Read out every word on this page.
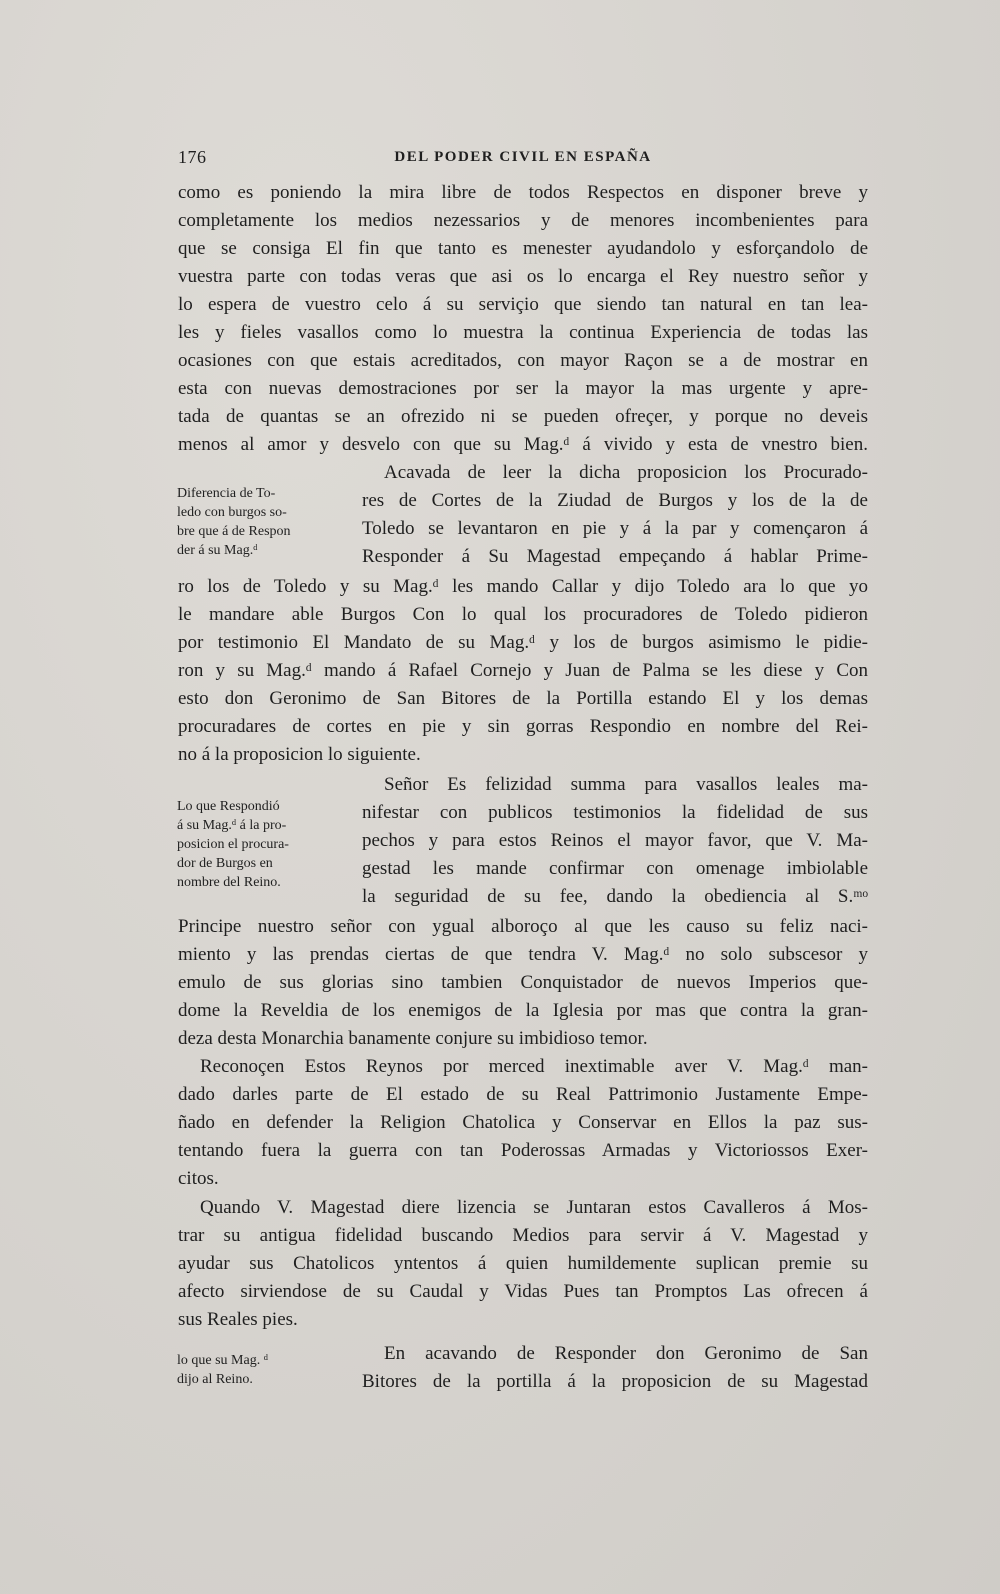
176	DEL PODER CIVIL EN ESPAÑA
como es poniendo la mira libre de todos Respectos en disponer breve y
completamente los medios nezessarios y de menores incombenientes para
que se consiga El fin que tanto es menester ayudandolo y esforçandolo de
vuestra parte con todas veras que asi os lo encarga el Rey nuestro señor y
lo espera de vuestro celo á su serviçio que siendo tan natural en tan lea-
les y fieles vasallos como lo muestra la continua Experiencia de todas las
ocasiones con que estais acreditados, con mayor Raçon se a de mostrar en
esta con nuevas demostraciones por ser la mayor la mas urgente y apre-
tada de quantas se an ofrezido ni se pueden ofreçer, y porque no deveis
menos al amor y desvelo con que su Mag.ᵈ á vivido y esta de vnestro bien.
Diferencia de To-
ledo con burgos so-
bre que á de Respon
der á su Mag.ᵈ
Acavada de leer la dicha proposicion los Procurado-
res de Cortes de la Ziudad de Burgos y los de la de
Toledo se levantaron en pie y á la par y començaron á
Responder á Su Magestad empeçando á hablar Prime-
ro los de Toledo y su Mag.ᵈ les mando Callar y dijo Toledo ara lo que yo
le mandare able Burgos Con lo qual los procuradores de Toledo pidieron
por testimonio El Mandato de su Mag.ᵈ y los de burgos asimismo le pidie-
ron y su Mag.ᵈ mando á Rafael Cornejo y Juan de Palma se les diese y Con
esto don Geronimo de San Bitores de la Portilla estando El y los demas
procuradares de cortes en pie y sin gorras Respondio en nombre del Rei-
no á la proposicion lo siguiente.
Lo que Respondió
á su Mag.ᵈ á la pro-
posicion el procura-
dor de Burgos en
nombre del Reino.
Señor Es felizidad summa para vasallos leales ma-
nifestar con publicos testimonios la fidelidad de sus
pechos y para estos Reinos el mayor favor, que V. Ma-
gestad les mande confirmar con omenage imbiolable
la seguridad de su fee, dando la obediencia al S.ᵐᵒ
Principe nuestro señor con ygual alboroço al que les causo su feliz naci-
miento y las prendas ciertas de que tendra V. Mag.ᵈ no solo subscesor y
emulo de sus glorias sino tambien Conquistador de nuevos Imperios que-
dome la Reveldia de los enemigos de la Iglesia por mas que contra la gran-
deza desta Monarchia banamente conjure su imbidioso temor.
Reconoçen Estos Reynos por merced inextimable aver V. Mag.ᵈ man-
dado darles parte de El estado de su Real Pattrimonio Justamente Empe-
ñado en defender la Religion Chatolica y Conservar en Ellos la paz sus-
tentando fuera la guerra con tan Poderossas Armadas y Victoriossos Exer-
citos.
Quando V. Magestad diere lizencia se Juntaran estos Cavalleros á Mos-
trar su antigua fidelidad buscando Medios para servir á V. Magestad y
ayudar sus Chatolicos yntentos á quien humildemente suplican premie su
afecto sirviendose de su Caudal y Vidas Pues tan Promptos Las ofrecen á
sus Reales pies.
lo que su Mag. ᵈ
dijo al Reino.
En acavando de Responder don Geronimo de San
Bitores de la portilla á la proposicion de su Magestad
